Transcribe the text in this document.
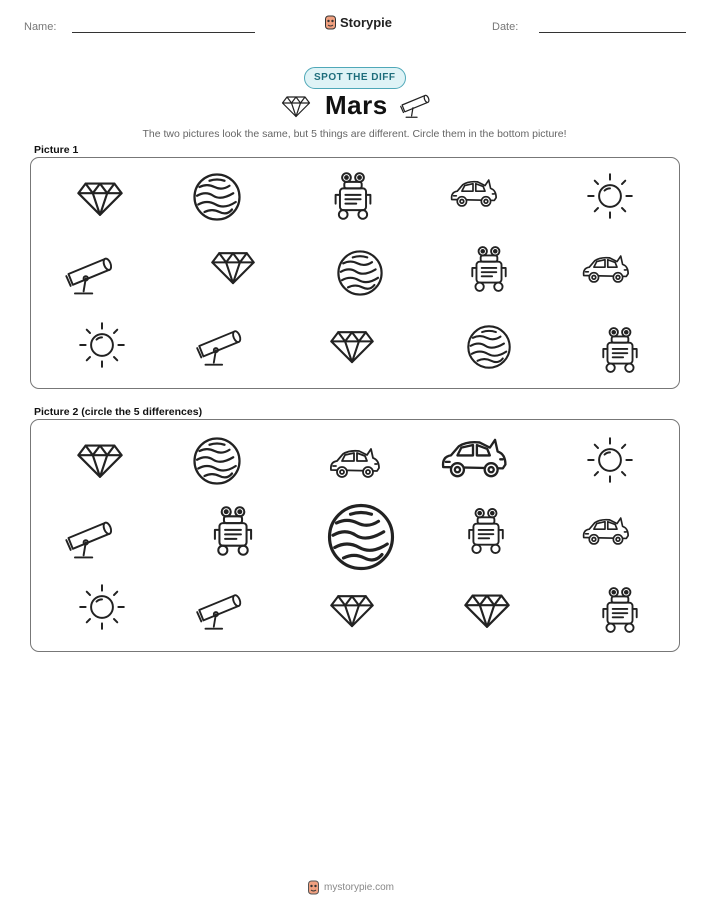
Name:	Storypie	Date:
SPOT THE DIFF
Mars
The two pictures look the same, but 5 things are different. Circle them in the bottom picture!
Picture 1
Picture 2 (circle the 5 differences)
mystorypie.com
